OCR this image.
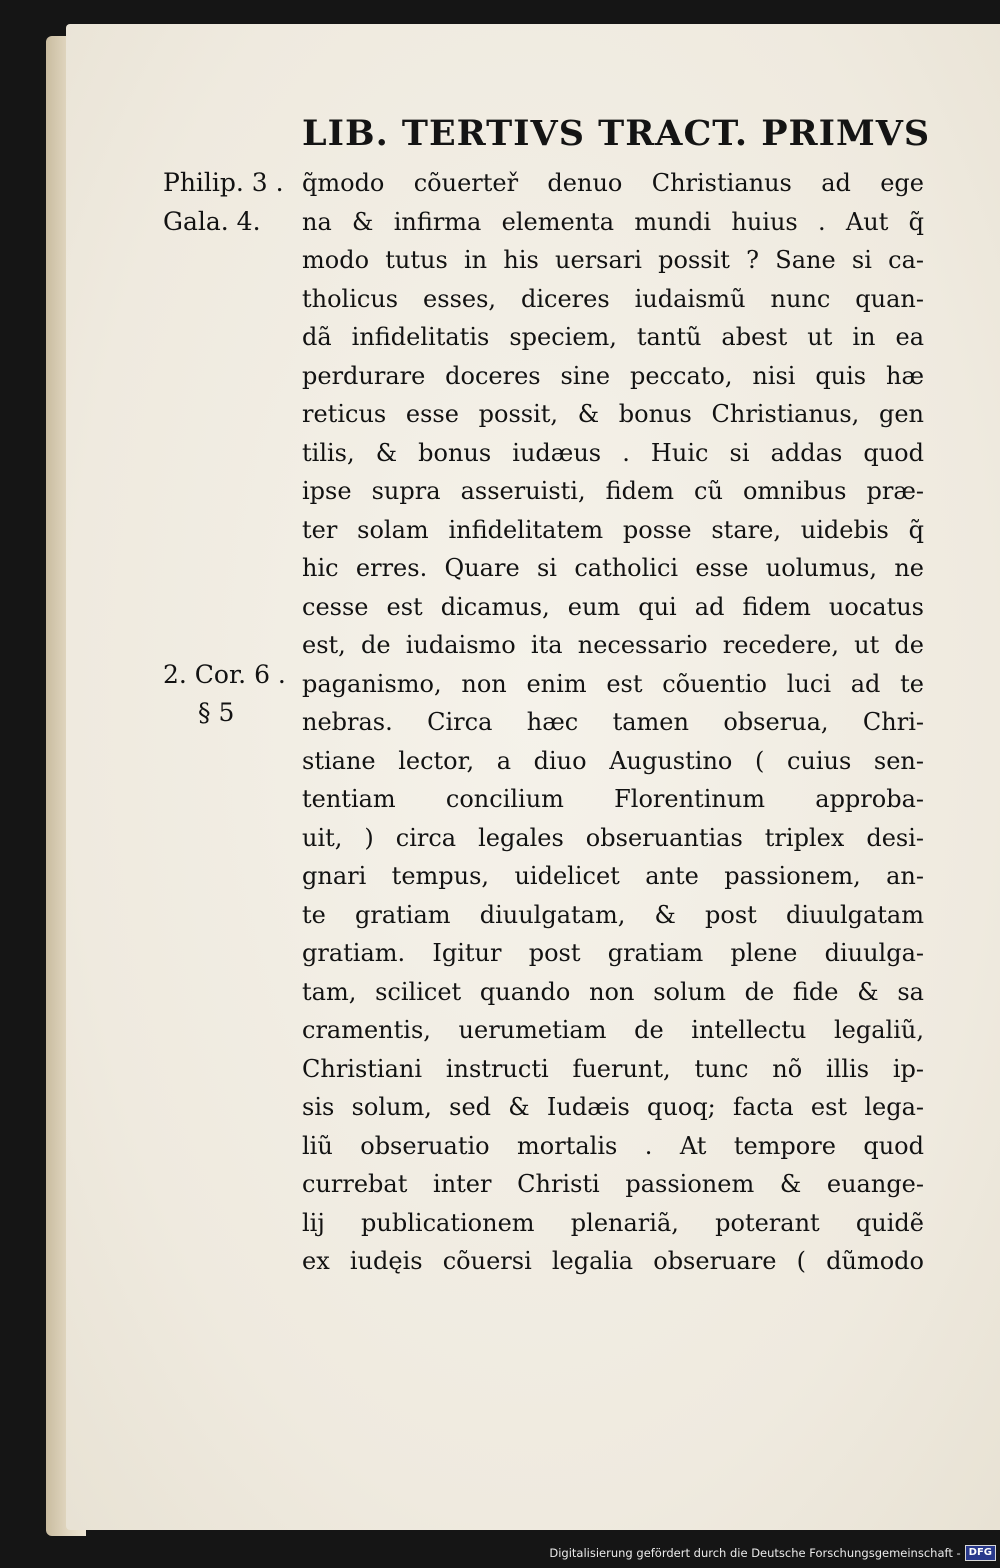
LIB. TERTIVS TRACT. PRIMVS
Philip. 3 .
Gala. 4.
2. Cor. 6 .
§ 5
q̃modo cõuerteř denuo Christianus ad ege
na & infirma elementa mundi huius . Aut q̃
modo tutus in his uersari possit ? Sane si ca-
tholicus esses, diceres iudaismũ nunc quan-
dã infidelitatis speciem, tantũ abest ut in ea
perdurare doceres sine peccato, nisi quis hæ
reticus esse possit, & bonus Christianus, gen
tilis, & bonus iudæus . Huic si addas quod
ipse supra asseruisti, fidem cũ omnibus præ-
ter solam infidelitatem posse stare, uidebis q̃
hic erres. Quare si catholici esse uolumus, ne
cesse est dicamus, eum qui ad fidem uocatus
est, de iudaismo ita necessario recedere, ut de
paganismo, non enim est cõuentio luci ad te
nebras. Circa hæc tamen obserua, Chri-
stiane lector, a diuo Augustino ( cuius sen-
tentiam concilium Florentinum approba-
uit, ) circa legales obseruantias triplex desi-
gnari tempus, uidelicet ante passionem, an-
te gratiam diuulgatam, & post diuulgatam
gratiam. Igitur post gratiam plene diuulga-
tam, scilicet quando non solum de fide & sa
cramentis, uerumetiam de intellectu legaliũ,
Christiani instructi fuerunt, tunc nõ illis ip-
sis solum, sed & Iudæis quoq; facta est lega-
liũ obseruatio mortalis . At tempore quod
currebat inter Christi passionem & euange-
lij publicationem plenariã, poterant quidẽ
ex iudęis cõuersi legalia obseruare ( dũmodo
Digitalisierung gefördert durch die Deutsche Forschungsgemeinschaft - DFG
